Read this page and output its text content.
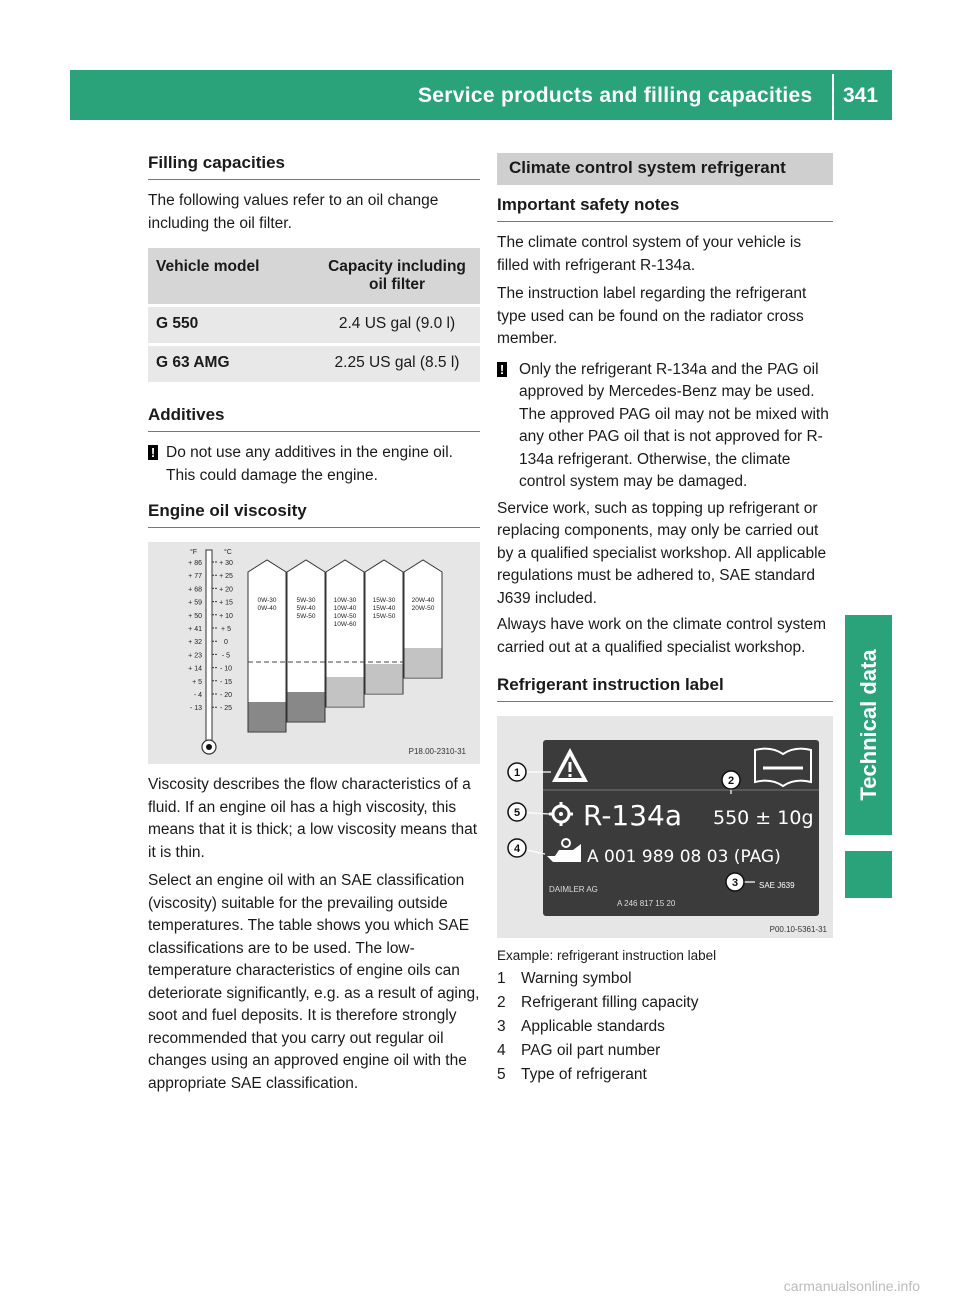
Service products and filling capacities 341
Technical data
Filling capacities

The following values refer to an oil change including the oil filter.

Vehicle model	Capacity including oil filter
G 550	2.4 US gal (9.0 l)
G 63 AMG	2.25 US gal (8.5 l)
Additives
! Do not use any additives in the engine oil. This could damage the engine.
Engine oil viscosity
°F	°C
+ 86 + 30
+ 77 + 25
+ 68 + 20
+ 59 + 15
+ 50 + 10
+ 41	+ 5
+ 32	0
+ 23	- 5
+ 14	- 10
+ 5	- 15
- 4	- 20
- 13	- 25
0W-30
0W-40
5W-30
5W-40
5W-50
10W-30
10W-40
10W-50
10W-60
15W-30
15W-40
15W-50
20W-40
20W-50
P18.00-2310-31

Viscosity describes the flow characteristics of a fluid. If an engine oil has a high viscosity, this means that it is thick; a low viscosity means that it is thin.

Select an engine oil with an SAE classification (viscosity) suitable for the prevailing outside temperatures. The table shows you which SAE classifications are to be used. The low-temperature characteristics of engine oils can deteriorate significantly, e.g. as a result of aging, soot and fuel deposits. It is therefore strongly recommended that you carry out regular oil changes using an approved engine oil with the appropriate SAE classification.

Climate control system refrigerant
Important safety notes

The climate control system of your vehicle is filled with refrigerant R-134a.

The instruction label regarding the refrigerant type used can be found on the radiator cross member.

! Only the refrigerant R-134a and the PAG oil approved by Mercedes-Benz may be used. The approved PAG oil may not be mixed with any other PAG oil that is not approved for R-134a refrigerant. Otherwise, the climate control system may be damaged.

Service work, such as topping up refrigerant or replacing components, may only be carried out by a qualified specialist workshop. All applicable regulations must be adhered to, SAE standard J639 included.

Always have work on the climate control system carried out at a qualified specialist workshop.

Refrigerant instruction label
R-134a 550 ± 10g
A 001 989 08 03 (PAG)
DAIMLER AG
A 246 817 15 20
SAE J639
1
2
3
4
5
P00.10-5361-31
Example: refrigerant instruction label
1 Warning symbol
2 Refrigerant filling capacity
3 Applicable standards
4 PAG oil part number
5 Type of refrigerant
carmanualsonline.info
